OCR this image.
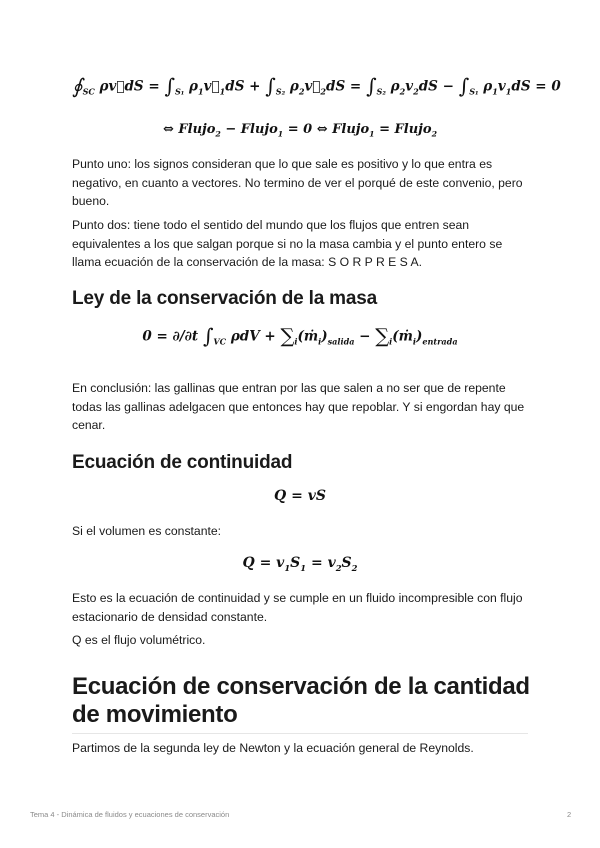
$∮_{SC}$ ρv⃗dS = $\int_{S_1}$ $\rho_1v⃗_1dS + \int_{S_2}$ $\rho_2v⃗_2dS = \int_{S_2}$ $\rho_2v_2dS - \int_{S_1}$ $\rho_1v_1dS = 0$
⇔ Flujo$_2$ − Flujo$_1$ = 0 ⇔ Flujo$_1$ = Flujo$_2$

Punto uno: los signos consideran que lo que sale es positivo y lo que entra es negativo, en cuanto a vectores. No termino de ver el porqué de este convenio, pero bueno.

Punto dos: tiene todo el sentido del mundo que los flujos que entren sean equivalentes a los que salgan porque si no la masa cambia y el punto entero se llama ecuación de la conservación de la masa: S O R P R E S A.

Ley de la conservación de la masa
0 = ∂/∂t $\int_{VC}$ $\rho dV + \sum_i(ṁ_i)_{salida}$ − $\sum_i(ṁ_i)_{entrada}$

En conclusión: las gallinas que entran por las que salen a no ser que de repente todas las gallinas adelgacen que entonces hay que repoblar. Y si engordan hay que cenar.

Ecuación de continuidad
Q = vS

Si el volumen es constante:

$Q = v_1S_1 = v_2S_2$

Esto es la ecuación de continuidad y se cumple en un fluido incompresible con flujo estacionario de densidad constante.

Q es el flujo volumétrico.

Ecuación de conservación de la cantidad de movimiento

Partimos de la segunda ley de Newton y la ecuación general de Reynolds.

Tema 4 - Dinámica de fluidos y ecuaciones de conservación	2
